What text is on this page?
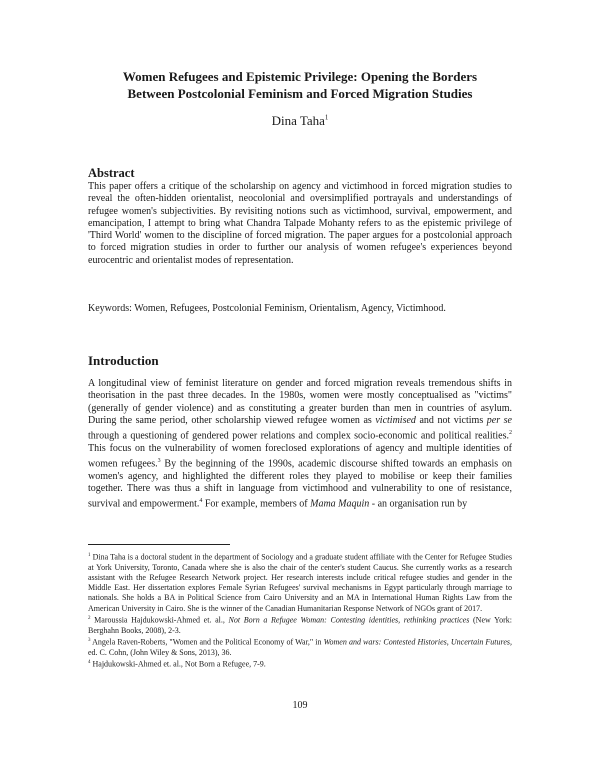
Women Refugees and Epistemic Privilege: Opening the Borders
Between Postcolonial Feminism and Forced Migration Studies
Dina Taha$^1$
Abstract
This paper offers a critique of the scholarship on agency and victimhood in forced migration studies to reveal the often-hidden orientalist, neocolonial and oversimplified portrayals and understandings of refugee women's subjectivities. By revisiting notions such as victimhood, survival, empowerment, and emancipation, I attempt to bring what Chandra Talpade Mohanty refers to as the epistemic privilege of 'Third World' women to the discipline of forced migration. The paper argues for a postcolonial approach to forced migration studies in order to further our analysis of women refugee's experiences beyond eurocentric and orientalist modes of representation.
Keywords: Women, Refugees, Postcolonial Feminism, Orientalism, Agency, Victimhood.
Introduction
A longitudinal view of feminist literature on gender and forced migration reveals tremendous shifts in theorisation in the past three decades. In the 1980s, women were mostly conceptualised as "victims" (generally of gender violence) and as constituting a greater burden than men in countries of asylum. During the same period, other scholarship viewed refugee women as victimised and not victims per se through a questioning of gendered power relations and complex socio-economic and political realities.$^2$ This focus on the vulnerability of women foreclosed explorations of agency and multiple identities of women refugees.$^3$ By the beginning of the 1990s, academic discourse shifted towards an emphasis on women's agency, and highlighted the different roles they played to mobilise or keep their families together. There was thus a shift in language from victimhood and vulnerability to one of resistance, survival and empowerment.$^4$ For example, members of Mama Maquin - an organisation run by

$^1$ Dina Taha is a doctoral student in the department of Sociology and a graduate student affiliate with the Center for Refugee Studies at York University, Toronto, Canada where she is also the chair of the center's student Caucus. She currently works as a research assistant with the Refugee Research Network project. Her research interests include critical refugee studies and gender in the Middle East. Her dissertation explores Female Syrian Refugees' survival mechanisms in Egypt particularly through marriage to nationals. She holds a BA in Political Science from Cairo University and an MA in International Human Rights Law from the American University in Cairo. She is the winner of the Canadian Humanitarian Response Network of NGOs grant of 2017.

$^2$ Maroussia Hajdukowski-Ahmed et. al., Not Born a Refugee Woman: Contesting identities, rethinking practices (New York: Berghahn Books, 2008), 2-3.

$^3$ Angela Raven-Roberts, "Women and the Political Economy of War," in Women and wars: Contested Histories, Uncertain Futures, ed. C. Cohn, (John Wiley & Sons, 2013), 36.

$^4$ Hajdukowski-Ahmed et. al., Not Born a Refugee, 7-9.

109
